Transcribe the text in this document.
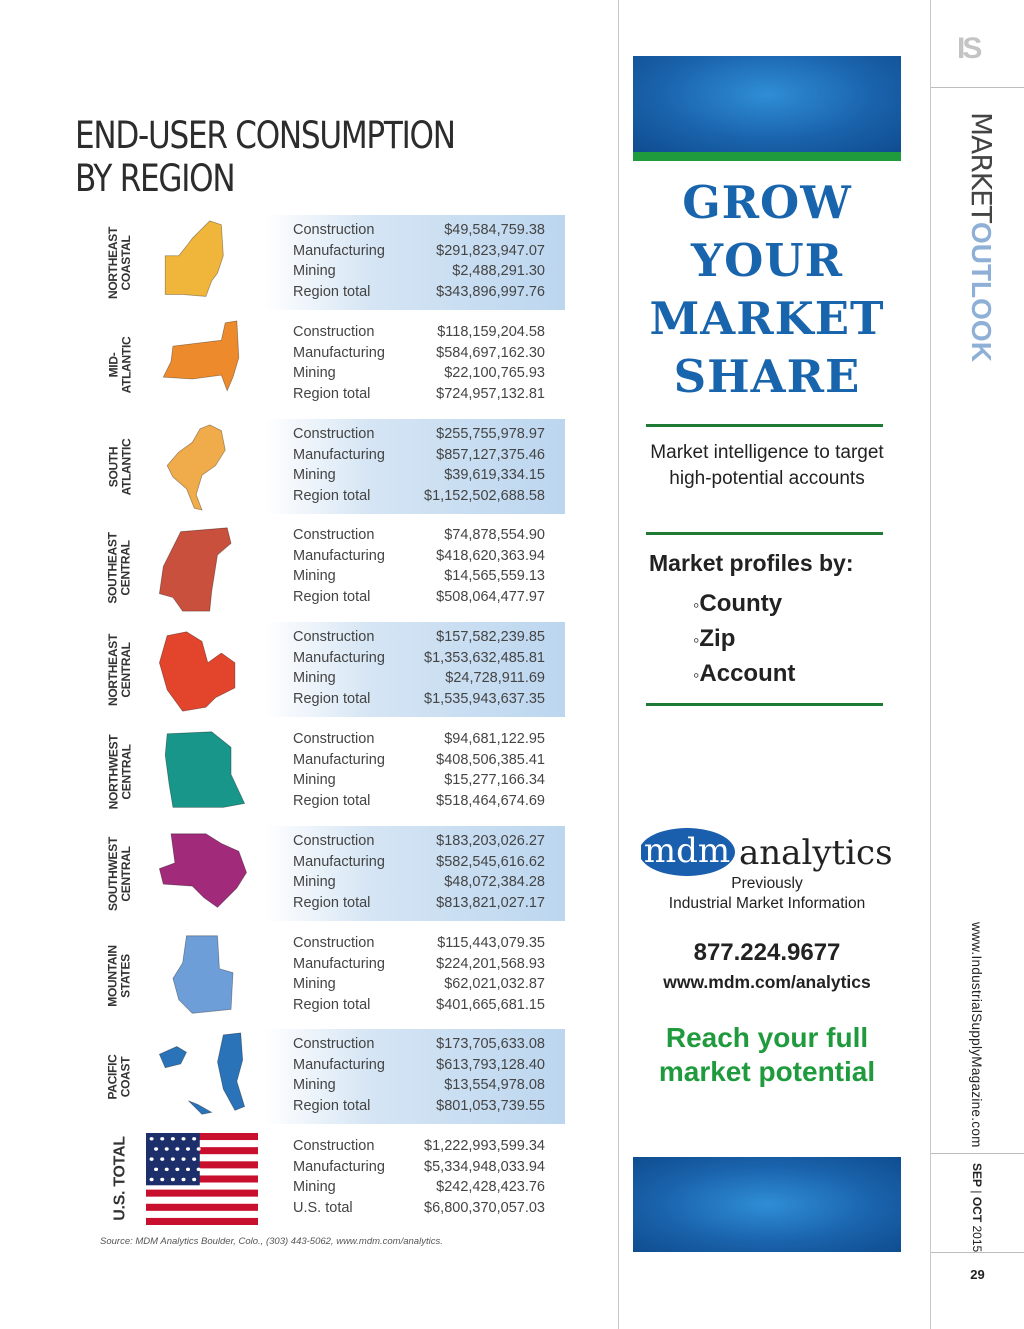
END-USER CONSUMPTION
BY REGION
NORTHEAST COASTAL
Construction	$49,584,759.38
Manufacturing	$291,823,947.07
Mining	$2,488,291.30
Region total	$343,896,997.76
MID- ATLANTIC
Construction	$118,159,204.58
Manufacturing	$584,697,162.30
Mining	$22,100,765.93
Region total	$724,957,132.81
SOUTH ATLANTIC
Construction	$255,755,978.97
Manufacturing	$857,127,375.46
Mining	$39,619,334.15
Region total	$1,152,502,688.58
SOUTHEAST CENTRAL
Construction	$74,878,554.90
Manufacturing	$418,620,363.94
Mining	$14,565,559.13
Region total	$508,064,477.97
NORTHEAST CENTRAL
Construction	$157,582,239.85
Manufacturing	$1,353,632,485.81
Mining	$24,728,911.69
Region total	$1,535,943,637.35
NORTHWEST CENTRAL
Construction	$94,681,122.95
Manufacturing	$408,506,385.41
Mining	$15,277,166.34
Region total	$518,464,674.69
SOUTHWEST CENTRAL
Construction	$183,203,026.27
Manufacturing	$582,545,616.62
Mining	$48,072,384.28
Region total	$813,821,027.17
MOUNTAIN STATES
Construction	$115,443,079.35
Manufacturing	$224,201,568.93
Mining	$62,021,032.87
Region total	$401,665,681.15
PACIFIC COAST
Construction	$173,705,633.08
Manufacturing	$613,793,128.40
Mining	$13,554,978.08
Region total	$801,053,739.55
U.S. TOTAL	Construction	$1,222,993,599.34
Manufacturing	$5,334,948,033.94
Mining	$242,428,423.76
U.S. total	$6,800,370,057.03
Source: MDM Analytics Boulder, Colo., (303) 443-5062, www.mdm.com/analytics.
GROW
YOUR
MARKET
SHARE
Market intelligence to target high-potential accounts
Market profiles by:
◦ County
◦ Zip
◦ Account
mdm analytics
Previously
Industrial Market Information
877.224.9677
www.mdm.com/analytics
Reach your full
market potential
IS
MARKETOUTLOOK
www.IndustrialSupplyMagazine.com
SEP | OCT 2015
29
